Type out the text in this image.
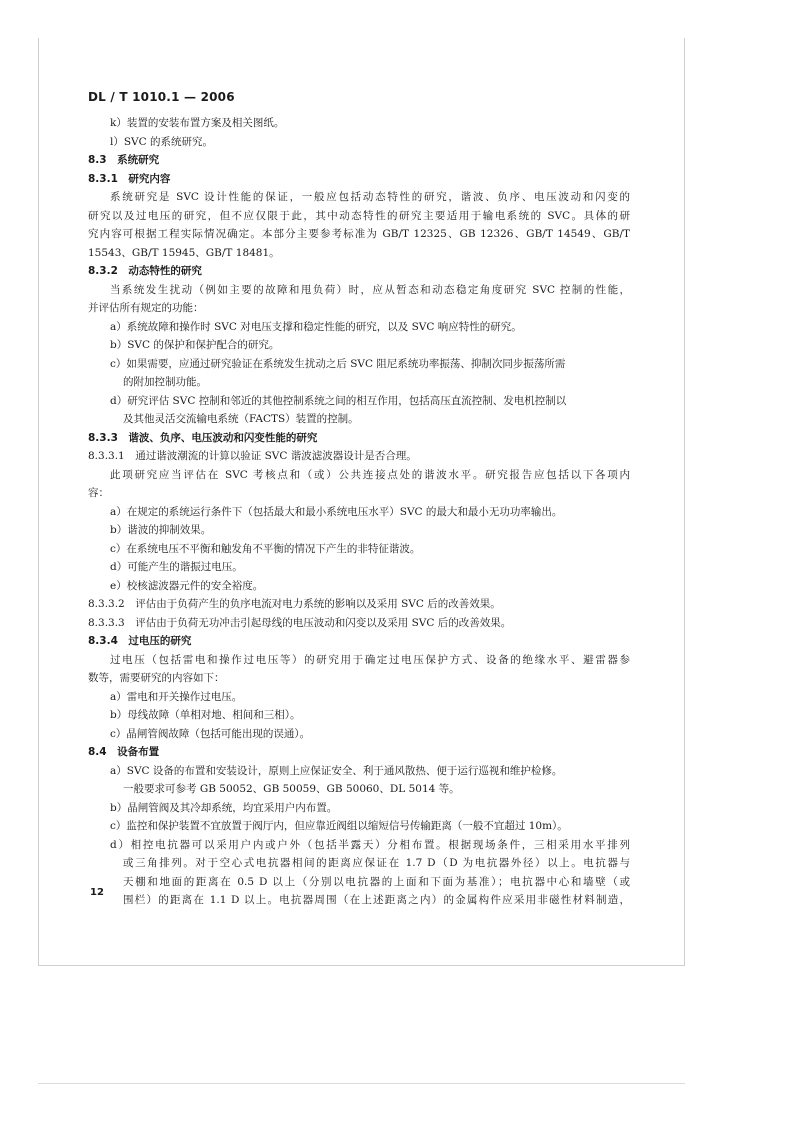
DL / T 1010.1 — 2006
k）装置的安装布置方案及相关图纸。
l）SVC 的系统研究。
8.3　系统研究
8.3.1　研究内容
系统研究是 SVC 设计性能的保证，一般应包括动态特性的研究，谐波、负序、电压波动和闪变的
研究以及过电压的研究，但不应仅限于此，其中动态特性的研究主要适用于输电系统的 SVC。具体的研
究内容可根据工程实际情况确定。本部分主要参考标准为 GB/T 12325、GB 12326、GB/T 14549、GB/T
15543、GB/T 15945、GB/T 18481。
8.3.2　动态特性的研究
当系统发生扰动（例如主要的故障和甩负荷）时，应从暂态和动态稳定角度研究 SVC 控制的性能，
并评估所有规定的功能：
a）系统故障和操作时 SVC 对电压支撑和稳定性能的研究，以及 SVC 响应特性的研究。
b）SVC 的保护和保护配合的研究。
c）如果需要，应通过研究验证在系统发生扰动之后 SVC 阻尼系统功率振荡、抑制次同步振荡所需
的附加控制功能。
d）研究评估 SVC 控制和邻近的其他控制系统之间的相互作用，包括高压直流控制、发电机控制以
及其他灵活交流输电系统（FACTS）装置的控制。
8.3.3　谐波、负序、电压波动和闪变性能的研究
8.3.3.1　通过谐波潮流的计算以验证 SVC 谐波滤波器设计是否合理。
此项研究应当评估在 SVC 考核点和（或）公共连接点处的谐波水平。研究报告应包括以下各项内
容：
a）在规定的系统运行条件下（包括最大和最小系统电压水平）SVC 的最大和最小无功功率输出。
b）谐波的抑制效果。
c）在系统电压不平衡和触发角不平衡的情况下产生的非特征谐波。
d）可能产生的谐振过电压。
e）校核滤波器元件的安全裕度。
8.3.3.2　评估由于负荷产生的负序电流对电力系统的影响以及采用 SVC 后的改善效果。
8.3.3.3　评估由于负荷无功冲击引起母线的电压波动和闪变以及采用 SVC 后的改善效果。
8.3.4　过电压的研究
过电压（包括雷电和操作过电压等）的研究用于确定过电压保护方式、设备的绝缘水平、避雷器参
数等，需要研究的内容如下：
a）雷电和开关操作过电压。
b）母线故障（单相对地、相间和三相）。
c）晶闸管阀故障（包括可能出现的误通）。
8.4　设备布置
a）SVC 设备的布置和安装设计，原则上应保证安全、利于通风散热、便于运行巡视和维护检修。
一般要求可参考 GB 50052、GB 50059、GB 50060、DL 5014 等。
b）晶闸管阀及其冷却系统，均宜采用户内布置。
c）监控和保护装置不宜放置于阀厅内，但应靠近阀组以缩短信号传输距离（一般不宜超过 10m）。
d）相控电抗器可以采用户内或户外（包括半露天）分相布置。根据现场条件，三相采用水平排列
或三角排列。对于空心式电抗器相间的距离应保证在 1.7 D（D 为电抗器外径）以上。电抗器与
天棚和地面的距离在 0.5 D 以上（分别以电抗器的上面和下面为基准）；电抗器中心和墙壁（或
围栏）的距离在 1.1 D 以上。电抗器周围（在上述距离之内）的金属构件应采用非磁性材料制造，
12
